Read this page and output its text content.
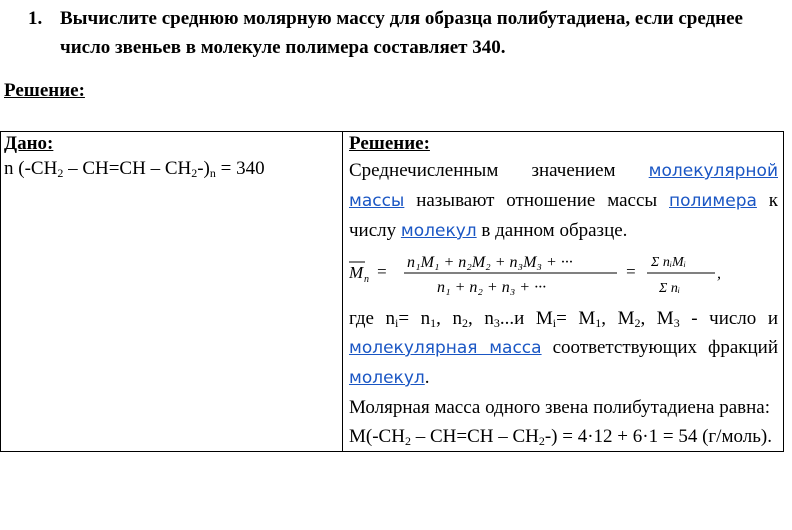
1. Вычислите среднюю молярную массу для образца полибутадиена, если среднее число звеньев в молекуле полимера составляет 340.
Решение:
Дано:
n $(-CH_2 - CH=CH - CH_2-)_n = 340$

Решение:

Среднечисленным значением молекулярной массы называют отношение массы полимера к числу молекул в данном образце.

M n = n₁M₁ + n₂M₂ + n₃M₃ + ···
n₁ + n₂ + n₃ + ···
= Σ nᵢMᵢ
Σ nᵢ
,

где $n_i= n_1$, $n_2$, $n_3...и$ $M_i= M_1$, $M_2$, $M_3$ - число и молекулярная масса соответствующих фракций молекул.

Молярная масса одного звена полибутадиена равна:

$M(-CH_2 - CH=CH - CH_2-) = 4\cdot 12 + 6\cdot 1 = 54$ (г/моль).
